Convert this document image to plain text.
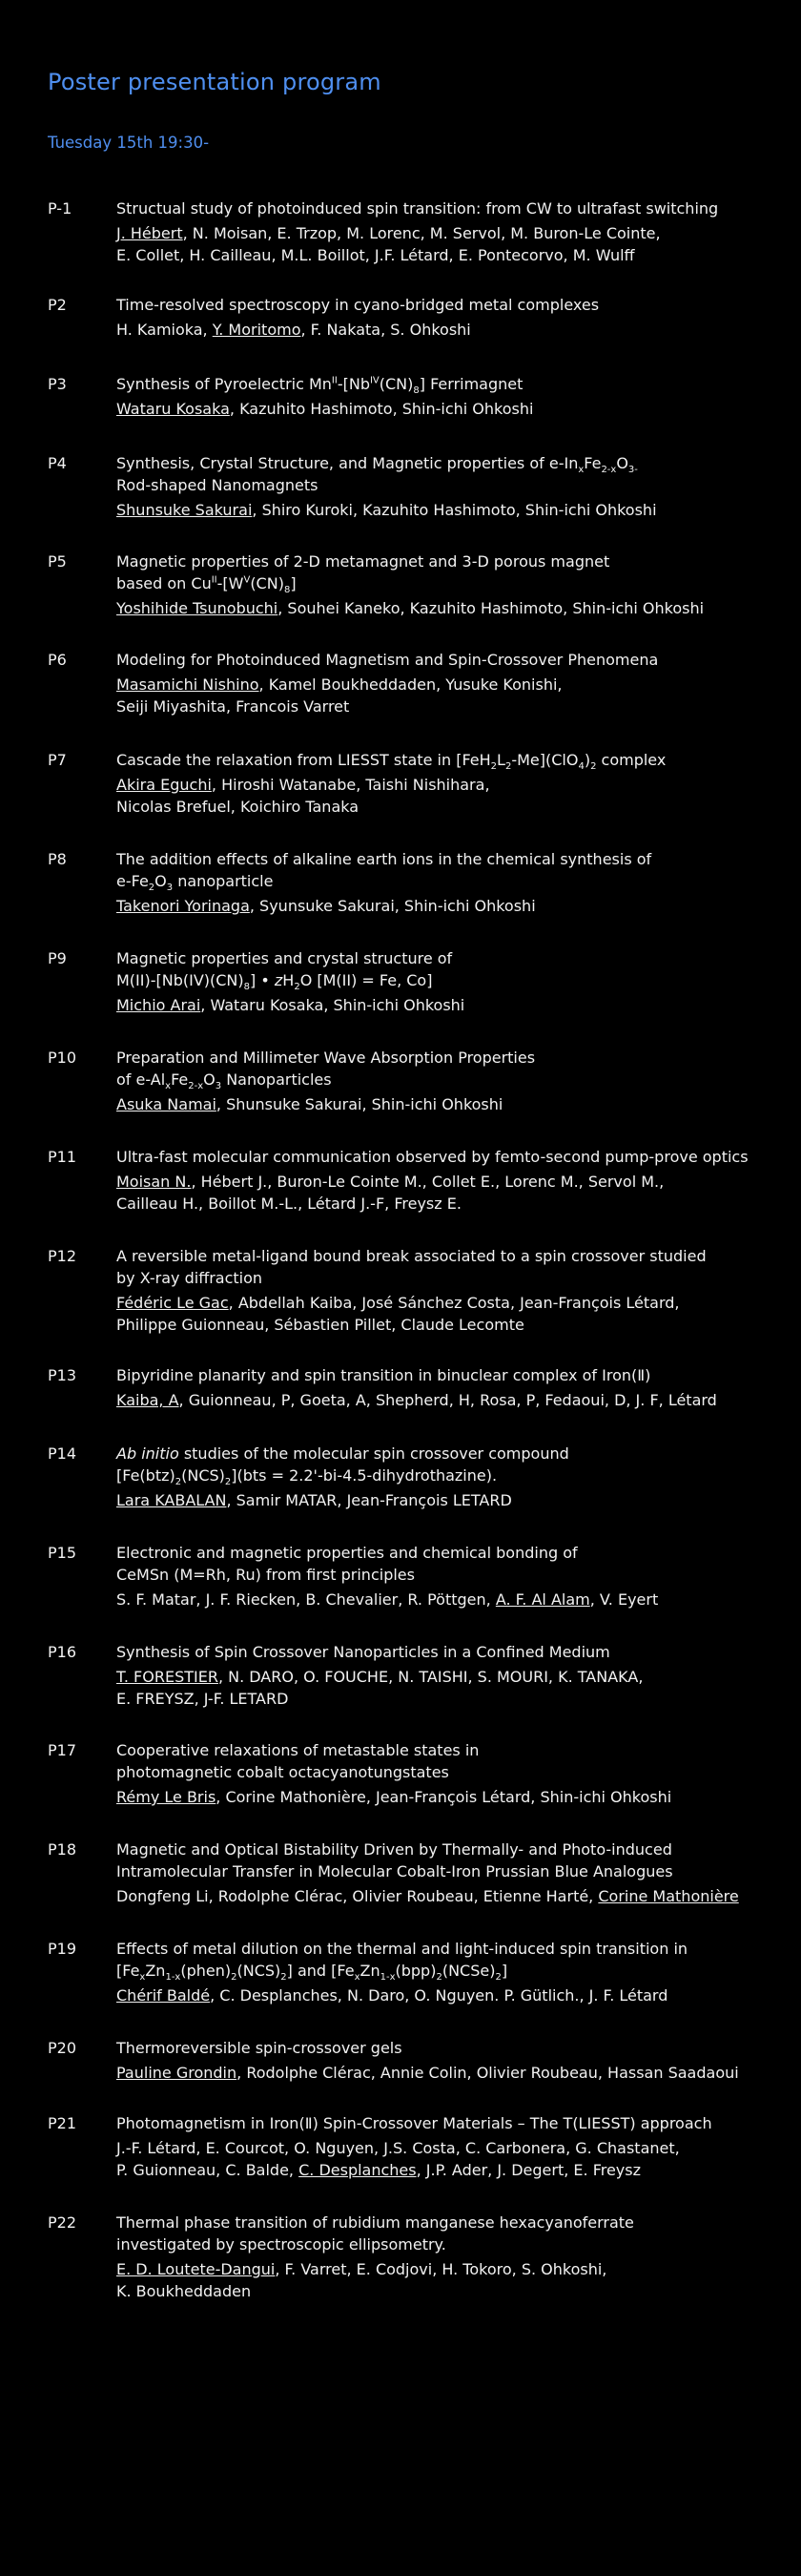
Poster presentation program
Tuesday 15th 19:30-
P-1	Structual study of photoinduced spin transition: from CW to ultrafast switching
J. Hébert, N. Moisan, E. Trzop, M. Lorenc, M. Servol, M. Buron-Le Cointe,
E. Collet, H. Cailleau, M.L. Boillot, J.F. Létard, E. Pontecorvo, M. Wulff
P2	Time-resolved spectroscopy in cyano-bridged metal complexes
H. Kamioka, Y. Moritomo, F. Nakata, S. Ohkoshi
P3	Synthesis of Pyroelectric $Mn^{II}-[Nb^{IV}(CN)_8]$ Ferrimagnet
Wataru Kosaka, Kazuhito Hashimoto, Shin-ichi Ohkoshi
P4	Synthesis, Crystal Structure, and Magnetic properties of $e-In_xFe_{2-x}O_{3-}$
Rod-shaped Nanomagnets
Shunsuke Sakurai, Shiro Kuroki, Kazuhito Hashimoto, Shin-ichi Ohkoshi
P5	Magnetic properties of 2-D metamagnet and 3-D porous magnet
based on $Cu^{II}-[W^V(CN)_8]$
Yoshihide Tsunobuchi, Souhei Kaneko, Kazuhito Hashimoto, Shin-ichi Ohkoshi
P6	Modeling for Photoinduced Magnetism and Spin-Crossover Phenomena
Masamichi Nishino, Kamel Boukheddaden, Yusuke Konishi,
Seiji Miyashita, Francois Varret
P7	Cascade the relaxation from LIESST state in $[FeH_2L_2-Me](ClO_4)_2$ complex
Akira Eguchi, Hiroshi Watanabe, Taishi Nishihara,
Nicolas Brefuel, Koichiro Tanaka
P8	The addition effects of alkaline earth ions in the chemical synthesis of
$e-Fe_2O_3$ nanoparticle
Takenori Yorinaga, Syunsuke Sakurai, Shin-ichi Ohkoshi
P9	Magnetic properties and crystal structure of
$M(II)-[Nb(IV)(CN)_8]$ • $zH_2O$ [M(II) = Fe, Co]
Michio Arai, Wataru Kosaka, Shin-ichi Ohkoshi
P10	Preparation and Millimeter Wave Absorption Properties
of $e-Al_xFe_{2-x}O_3$ Nanoparticles
Asuka Namai, Shunsuke Sakurai, Shin-ichi Ohkoshi
P11	Ultra-fast molecular communication observed by femto-second pump-prove optics
Moisan N., Hébert J., Buron-Le Cointe M., Collet E., Lorenc M., Servol M.,
Cailleau H., Boillot M.-L., Létard J.-F, Freysz E.
P12	A reversible metal-ligand bound break associated to a spin crossover studied
by X-ray diffraction
Fédéric Le Gac, Abdellah Kaiba, José Sánchez Costa, Jean-François Létard,
Philippe Guionneau, Sébastien Pillet, Claude Lecomte
P13	Bipyridine planarity and spin transition in binuclear complex of Iron(Ⅱ)
Kaiba, A, Guionneau, P, Goeta, A, Shepherd, H, Rosa, P, Fedaoui, D, J. F, Létard
P14	Ab initio studies of the molecular spin crossover compound
$[Fe(btz)_2(NCS)_2](bts$ = 2.2'-bi-4.5-dihydrothazine).
Lara KABALAN, Samir MATAR, Jean-François LETARD
P15	Electronic and magnetic properties and chemical bonding of
CeMSn (M=Rh, Ru) from first principles
S. F. Matar, J. F. Riecken, B. Chevalier, R. Pöttgen, A. F. Al Alam, V. Eyert
P16	Synthesis of Spin Crossover Nanoparticles in a Confined Medium
T. FORESTIER, N. DARO, O. FOUCHE, N. TAISHI, S. MOURI, K. TANAKA,
E. FREYSZ, J-F. LETARD
P17	Cooperative relaxations of metastable states in
photomagnetic cobalt octacyanotungstates
Rémy Le Bris, Corine Mathonière, Jean-François Létard, Shin-ichi Ohkoshi
P18	Magnetic and Optical Bistability Driven by Thermally- and Photo-induced
Intramolecular Transfer in Molecular Cobalt-Iron Prussian Blue Analogues
Dongfeng Li, Rodolphe Clérac, Olivier Roubeau, Etienne Harté, Corine Mathonière
P19	Effects of metal dilution on the thermal and light-induced spin transition in
$[Fe_xZn_{1-x}(phen)_2(NCS)_2]$ and $[Fe_xZn_{1-x}(bpp)_2(NCSe)_2]$
Chérif Baldé, C. Desplanches, N. Daro, O. Nguyen. P. Gütlich., J. F. Létard
P20	Thermoreversible spin-crossover gels
Pauline Grondin, Rodolphe Clérac, Annie Colin, Olivier Roubeau, Hassan Saadaoui
P21	Photomagnetism in Iron(Ⅱ) Spin-Crossover Materials – The T(LIESST) approach
J.-F. Létard, E. Courcot, O. Nguyen, J.S. Costa, C. Carbonera, G. Chastanet,
P. Guionneau, C. Balde, C. Desplanches, J.P. Ader, J. Degert, E. Freysz
P22	Thermal phase transition of rubidium manganese hexacyanoferrate
investigated by spectroscopic ellipsometry.
E. D. Loutete-Dangui, F. Varret, E. Codjovi, H. Tokoro, S. Ohkoshi,
K. Boukheddaden
